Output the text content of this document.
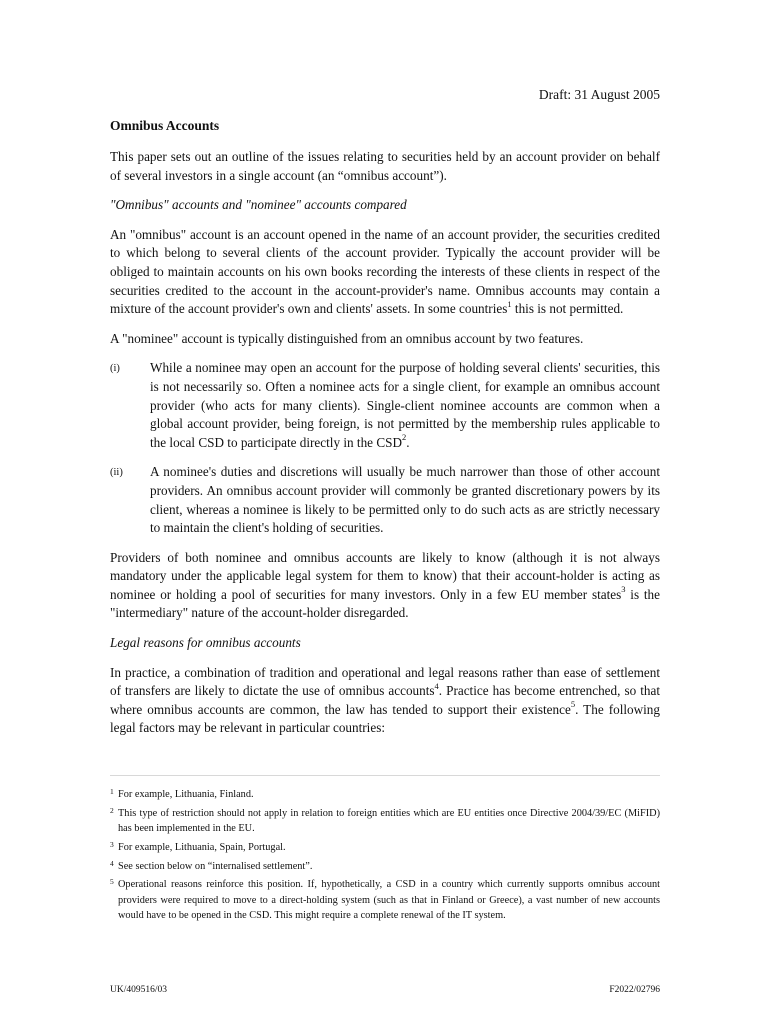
Draft: 31 August 2005
Omnibus Accounts

This paper sets out an outline of the issues relating to securities held by an account provider on behalf of several investors in a single account (an “omnibus account”).

"Omnibus" accounts and "nominee" accounts compared

An "omnibus" account is an account opened in the name of an account provider, the securities credited to which belong to several clients of the account provider. Typically the account provider will be obliged to maintain accounts on his own books recording the interests of these clients in respect of the securities credited to the account in the account-provider's name. Omnibus accounts may contain a mixture of the account provider's own and clients' assets. In some countries$^1$ this is not permitted.

A "nominee" account is typically distinguished from an omnibus account by two features.

(i)	While a nominee may open an account for the purpose of holding several clients' securities, this is not necessarily so. Often a nominee acts for a single client, for example an omnibus account provider (who acts for many clients). Single-client nominee accounts are common when a global account provider, being foreign, is not permitted by the membership rules applicable to the local CSD to participate directly in the CSD$^2$.
(ii)	A nominee's duties and discretions will usually be much narrower than those of other account providers. An omnibus account provider will commonly be granted discretionary powers by its client, whereas a nominee is likely to be permitted only to do such acts as are strictly necessary to maintain the client's holding of securities.

Providers of both nominee and omnibus accounts are likely to know (although it is not always mandatory under the applicable legal system for them to know) that their account-holder is acting as nominee or holding a pool of securities for many investors. Only in a few EU member states$^3$ is the "intermediary" nature of the account-holder disregarded.

Legal reasons for omnibus accounts

In practice, a combination of tradition and operational and legal reasons rather than ease of settlement of transfers are likely to dictate the use of omnibus accounts$^4$. Practice has become entrenched, so that where omnibus accounts are common, the law has tended to support their existence$^5$. The following legal factors may be relevant in particular countries:

1 For example, Lithuania, Finland.
2 This type of restriction should not apply in relation to foreign entities which are EU entities once Directive 2004/39/EC (MiFID) has been implemented in the EU.
3 For example, Lithuania, Spain, Portugal.
4 See section below on “internalised settlement”.
5 Operational reasons reinforce this position. If, hypothetically, a CSD in a country which currently supports omnibus account providers were required to move to a direct-holding system (such as that in Finland or Greece), a vast number of new accounts would have to be opened in the CSD. This might require a complete renewal of the IT system.
UK/409516/03	F2022/02796
